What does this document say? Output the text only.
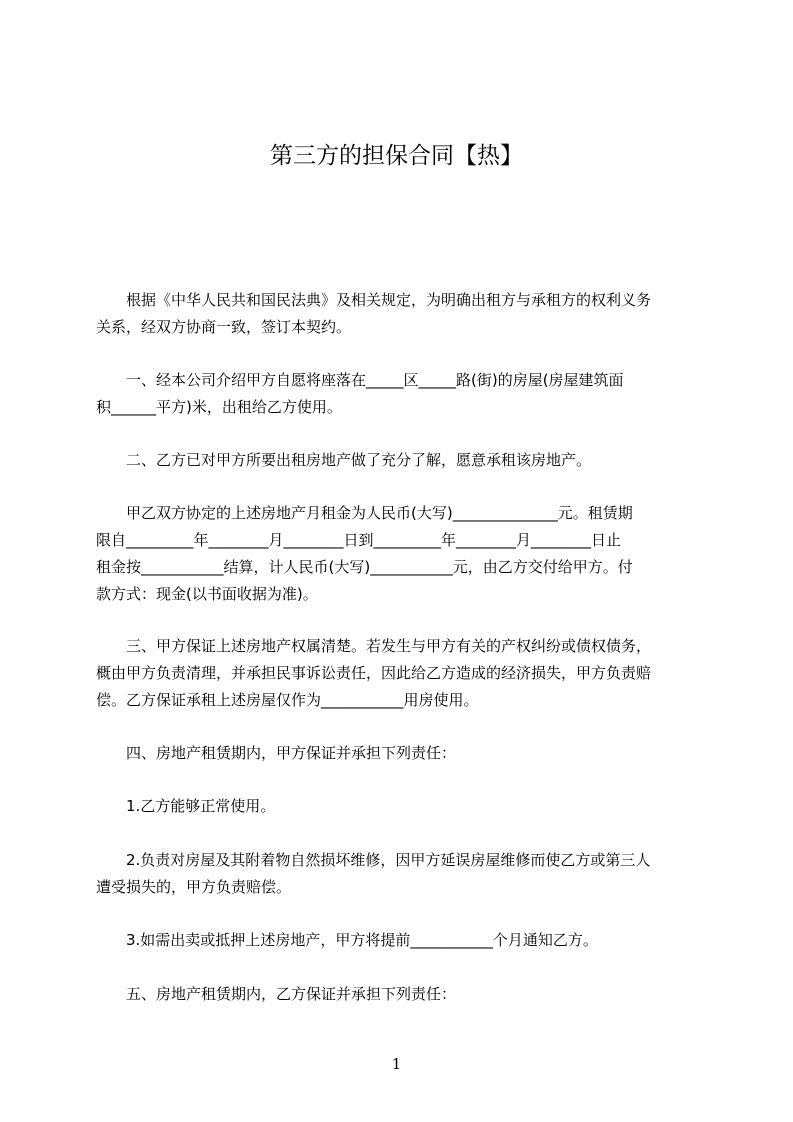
第三方的担保合同【热】

　　根据《中华人民共和国民法典》及相关规定，为明确出租方与承租方的权利义务
关系，经双方协商一致，签订本契约。

　　一、经本公司介绍甲方自愿将座落在_____区_____路(街)的房屋(房屋建筑面
积______平方)米，出租给乙方使用。

　　二、乙方已对甲方所要出租房地产做了充分了解，愿意承租该房地产。

　　甲乙双方协定的上述房地产月租金为人民币(大写)______________元。租赁期
限自_________年________月________日到_________年________月________日止
租金按___________结算，计人民币(大写)___________元，由乙方交付给甲方。付
款方式：现金(以书面收据为准)。

　　三、甲方保证上述房地产权属清楚。若发生与甲方有关的产权纠纷或债权债务，
概由甲方负责清理，并承担民事诉讼责任，因此给乙方造成的经济损失，甲方负责赔
偿。乙方保证承租上述房屋仅作为___________用房使用。

　　四、房地产租赁期内，甲方保证并承担下列责任：

　　1.乙方能够正常使用。

　　2.负责对房屋及其附着物自然损坏维修，因甲方延误房屋维修而使乙方或第三人
遭受损失的，甲方负责赔偿。

　　3.如需出卖或抵押上述房地产，甲方将提前___________个月通知乙方。

　　五、房地产租赁期内，乙方保证并承担下列责任：

1
